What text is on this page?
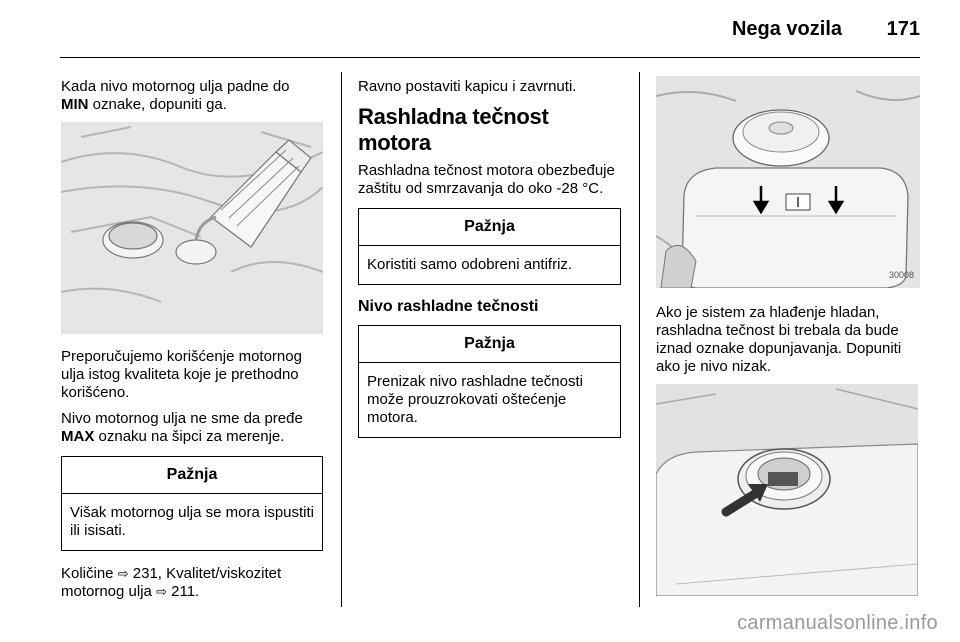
Nega vozila 171

Kada nivo motornog ulja padne do
MIN oznake, dopuniti ga.

Preporučujemo korišćenje motornog ulja istog kvaliteta koje je prethodno korišćeno.

Nivo motornog ulja ne sme da pređe
MAX oznaku na šipci za merenje.

Pažnja
Višak motornog ulja se mora ispustiti ili isisati.

Količine ⇨ 231, Kvalitet/viskozitet
motornog ulja ⇨ 211.

Ravno postaviti kapicu i zavrnuti.

Rashladna tečnost motora

Rashladna tečnost motora obezbeđuje zaštitu od smrzavanja do oko -28 °C.

Pažnja
Koristiti samo odobreni antifriz.
Nivo rashladne tečnosti
Pažnja
Prenizak nivo rashladne tečnosti može prouzrokovati oštećenje motora.
30008

Ako je sistem za hlađenje hladan, rashladna tečnost bi trebala da bude iznad oznake dopunjavanja. Dopuniti ako je nivo nizak.

carmanualsonline.info
